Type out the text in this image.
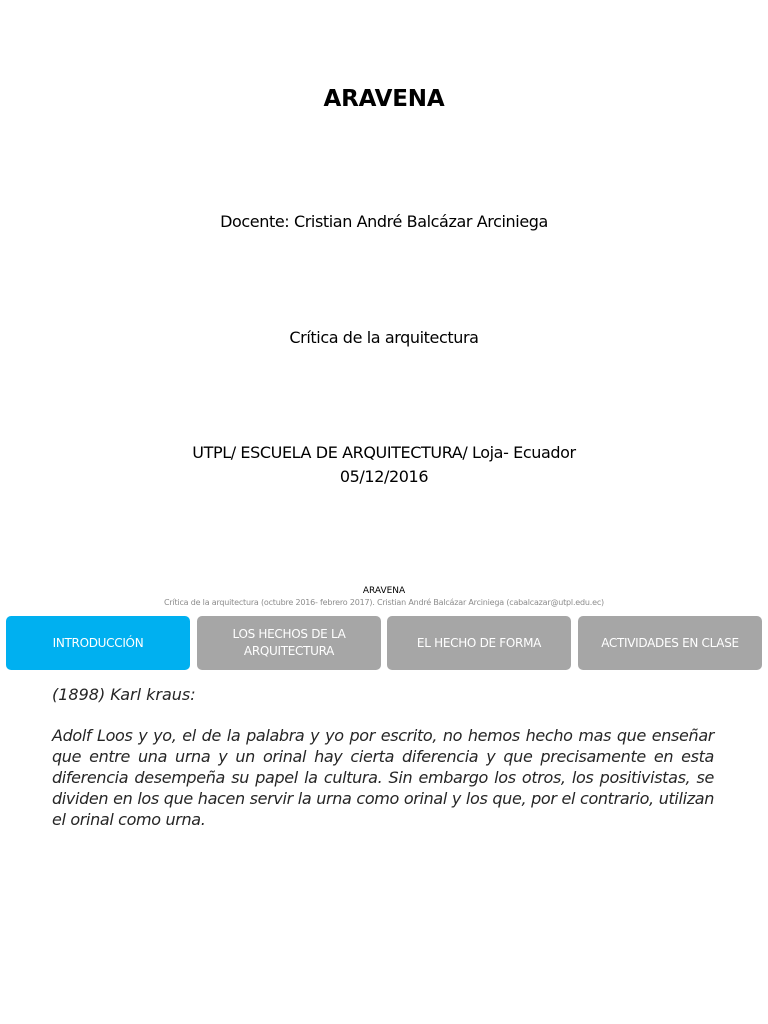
ARAVENA
Docente: Cristian André Balcázar Arciniega
Crítica de la arquitectura
UTPL/ ESCUELA DE ARQUITECTURA/ Loja- Ecuador
05/12/2016
ARAVENA
Crítica de la arquitectura (octubre 2016- febrero 2017). Cristian André Balcázar Arciniega (cabalcazar@utpl.edu.ec)
INTRODUCCIÓN
LOS HECHOS DE LA ARQUITECTURA
EL HECHO DE FORMA	ACTIVIDADES EN CLASE
(1898) Karl kraus:
Adolf Loos y yo, el de la palabra y yo por escrito, no hemos hecho mas que enseñar que entre una urna y un orinal hay cierta diferencia y que precisamente en esta diferencia desempeña su papel la cultura. Sin embargo los otros, los positivistas, se dividen en los que hacen servir la urna como orinal y los que, por el contrario, utilizan el orinal como urna.
